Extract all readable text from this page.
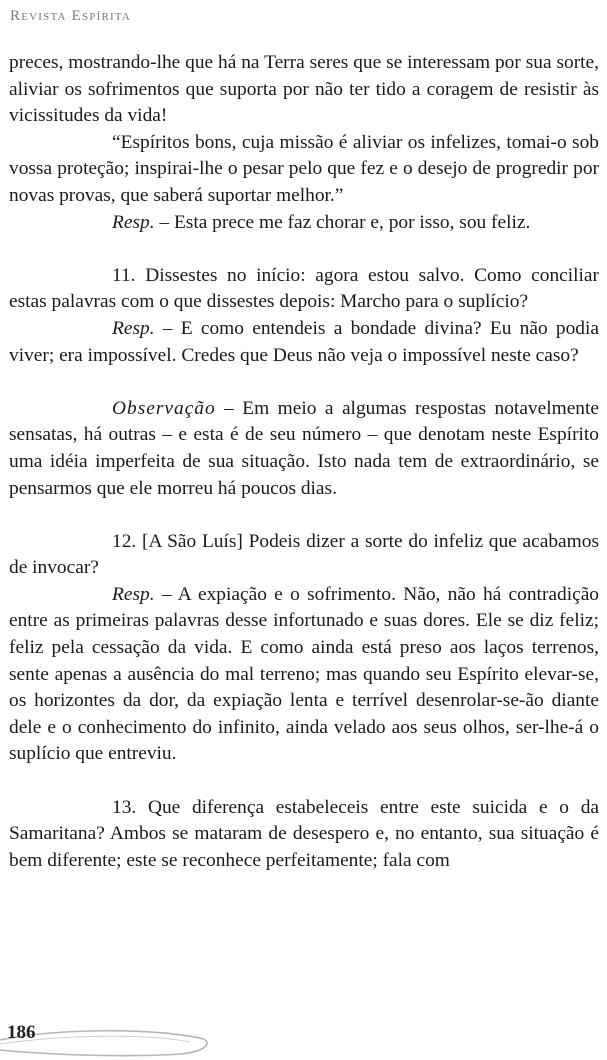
Revista Espírita

preces, mostrando-lhe que há na Terra seres que se interessam por sua sorte, aliviar os sofrimentos que suporta por não ter tido a coragem de resistir às vicissitudes da vida!

“Espíritos bons, cuja missão é aliviar os infelizes, tomai-o sob vossa proteção; inspirai-lhe o pesar pelo que fez e o desejo de progredir por novas provas, que saberá suportar melhor.”

Resp. – Esta prece me faz chorar e, por isso, sou feliz.

11. Dissestes no início: agora estou salvo. Como conciliar estas palavras com o que dissestes depois: Marcho para o suplício?

Resp. – E como entendeis a bondade divina? Eu não podia viver; era impossível. Credes que Deus não veja o impossível neste caso?

Observação – Em meio a algumas respostas notavelmente sensatas, há outras – e esta é de seu número – que denotam neste Espírito uma idéia imperfeita de sua situação. Isto nada tem de extraordinário, se pensarmos que ele morreu há poucos dias.

12. [A São Luís] Podeis dizer a sorte do infeliz que acabamos de invocar?

Resp. – A expiação e o sofrimento. Não, não há contradição entre as primeiras palavras desse infortunado e suas dores. Ele se diz feliz; feliz pela cessação da vida. E como ainda está preso aos laços terrenos, sente apenas a ausência do mal terreno; mas quando seu Espírito elevar-se, os horizontes da dor, da expiação lenta e terrível desenrolar-se-ão diante dele e o conhecimento do infinito, ainda velado aos seus olhos, ser-lhe-á o suplício que entreviu.

13. Que diferença estabeleceis entre este suicida e o da Samaritana? Ambos se mataram de desespero e, no entanto, sua situação é bem diferente; este se reconhece perfeitamente; fala com

186
